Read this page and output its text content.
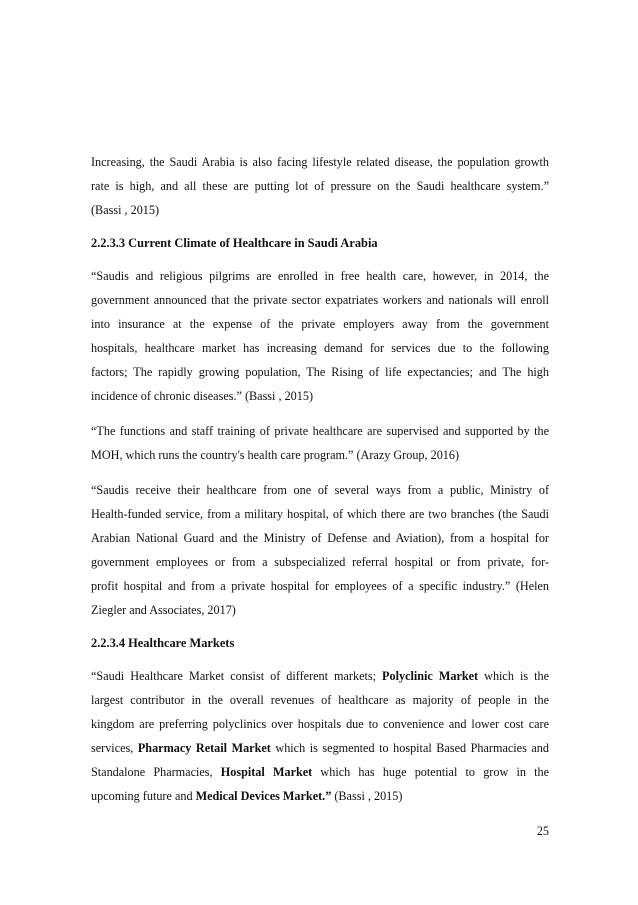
Increasing, the Saudi Arabia is also facing lifestyle related disease, the population growth
rate is high, and all these are putting lot of pressure on the Saudi healthcare system.”
(Bassi , 2015)

2.2.3.3 Current Climate of Healthcare in Saudi Arabia

“Saudis and religious pilgrims are enrolled in free health care, however, in 2014, the
government announced that the private sector expatriates workers and nationals will enroll
into insurance at the expense of the private employers away from the government
hospitals, healthcare market has increasing demand for services due to the following
factors; The rapidly growing population, The Rising of life expectancies; and The high
incidence of chronic diseases.” (Bassi , 2015)

“The functions and staff training of private healthcare are supervised and supported by the
MOH, which runs the country's health care program.” (Arazy Group, 2016)

“Saudis receive their healthcare from one of several ways from a public, Ministry of
Health-funded service, from a military hospital, of which there are two branches (the Saudi
Arabian National Guard and the Ministry of Defense and Aviation), from a hospital for
government employees or from a subspecialized referral hospital or from private, for-
profit hospital and from a private hospital for employees of a specific industry.” (Helen
Ziegler and Associates, 2017)

2.2.3.4 Healthcare Markets

“Saudi Healthcare Market consist of different markets; Polyclinic Market which is the
largest contributor in the overall revenues of healthcare as majority of people in the
kingdom are preferring polyclinics over hospitals due to convenience and lower cost care
services, Pharmacy Retail Market which is segmented to hospital Based Pharmacies and
Standalone Pharmacies, Hospital Market which has huge potential to grow in the
upcoming future and Medical Devices Market.” (Bassi , 2015)

25
